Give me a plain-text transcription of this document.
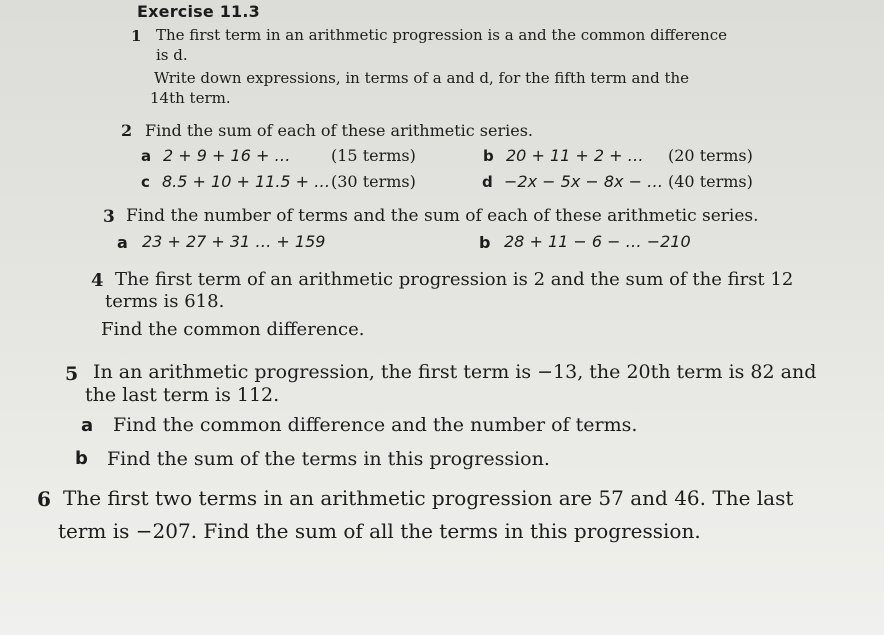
Exercise 11.3
1 The first term in an arithmetic progression is a and the common difference
is d.
Write down expressions, in terms of a and d, for the fifth term and the
14th term.
2 Find the sum of each of these arithmetic series.
a 2 + 9 + 16 + …	(15 terms)	b 20 + 11 + 2 + … (20 terms)
c 8.5 + 10 + 11.5 + … (30 terms)	d −2x − 5x − 8x − … (40 terms)
3 Find the number of terms and the sum of each of these arithmetic series.
a 23 + 27 + 31 … + 159	b 28 + 11 − 6 − … −210
4 The first term of an arithmetic progression is 2 and the sum of the first 12
terms is 618.
Find the common difference.
5 In an arithmetic progression, the first term is −13, the 20th term is 82 and
the last term is 112.
a Find the common difference and the number of terms.
b Find the sum of the terms in this progression.
6 The first two terms in an arithmetic progression are 57 and 46. The last
term is −207. Find the sum of all the terms in this progression.
